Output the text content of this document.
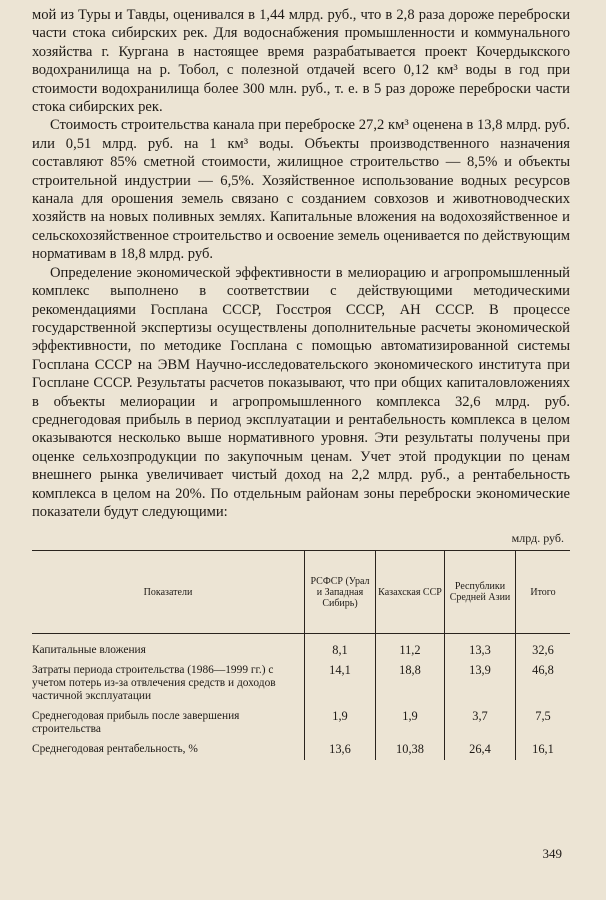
мой из Туры и Тавды, оценивался в 1,44 млрд. руб., что в 2,8 раза дороже переброски части стока сибирских рек. Для водоснабжения промышленности и коммунального хозяйства г. Кургана в настоящее время разрабатывается проект Кочердыкского водохранилища на р. Тобол, с полезной отдачей всего 0,12 км³ воды в год при стоимости водохранилища более 300 млн. руб., т. е. в 5 раз дороже переброски части стока сибирских рек.

Стоимость строительства канала при переброске 27,2 км³ оценена в 13,8 млрд. руб. или 0,51 млрд. руб. на 1 км³ воды. Объекты производственного назначения составляют 85% сметной стоимости, жилищное строительство — 8,5% и объекты строительной индустрии — 6,5%. Хозяйственное использование водных ресурсов канала для орошения земель связано с созданием совхозов и животноводческих хозяйств на новых поливных землях. Капитальные вложения на водохозяйственное и сельскохозяйственное строительство и освоение земель оценивается по действующим нормативам в 18,8 млрд. руб.

Определение экономической эффективности в мелиорацию и агропромышленный комплекс выполнено в соответствии с действующими методическими рекомендациями Госплана СССР, Госстроя СССР, АН СССР. В процессе государственной экспертизы осуществлены дополнительные расчеты экономической эффективности, по методике Госплана с помощью автоматизированной системы Госплана СССР на ЭВМ Научно-исследовательского экономического института при Госплане СССР. Результаты расчетов показывают, что при общих капиталовложениях в объекты мелиорации и агропромышленного комплекса 32,6 млрд. руб. среднегодовая прибыль в период эксплуатации и рентабельность комплекса в целом оказываются несколько выше нормативного уровня. Эти результаты получены при оценке сельхозпродукции по закупочным ценам. Учет этой продукции по ценам внешнего рынка увеличивает чистый доход на 2,2 млрд. руб., а рентабельность комплекса в целом на 20%. По отдельным районам зоны переброски экономические показатели будут следующими:

млрд. руб.
Показатели	РСФСР (Урал и Западная Сибирь)	Казахская ССР	Республики Средней Азии	Итого
Капитальные вложения	8,1	11,2	13,3	32,6
Затраты периода строительства (1986—1999 гг.) с учетом потерь из-за отвлечения средств и доходов частичной эксплуатации	14,1	18,8	13,9	46,8
Среднегодовая прибыль после завершения строительства	1,9	1,9	3,7	7,5
Среднегодовая рентабельность, %	13,6	10,38	26,4	16,1
349
